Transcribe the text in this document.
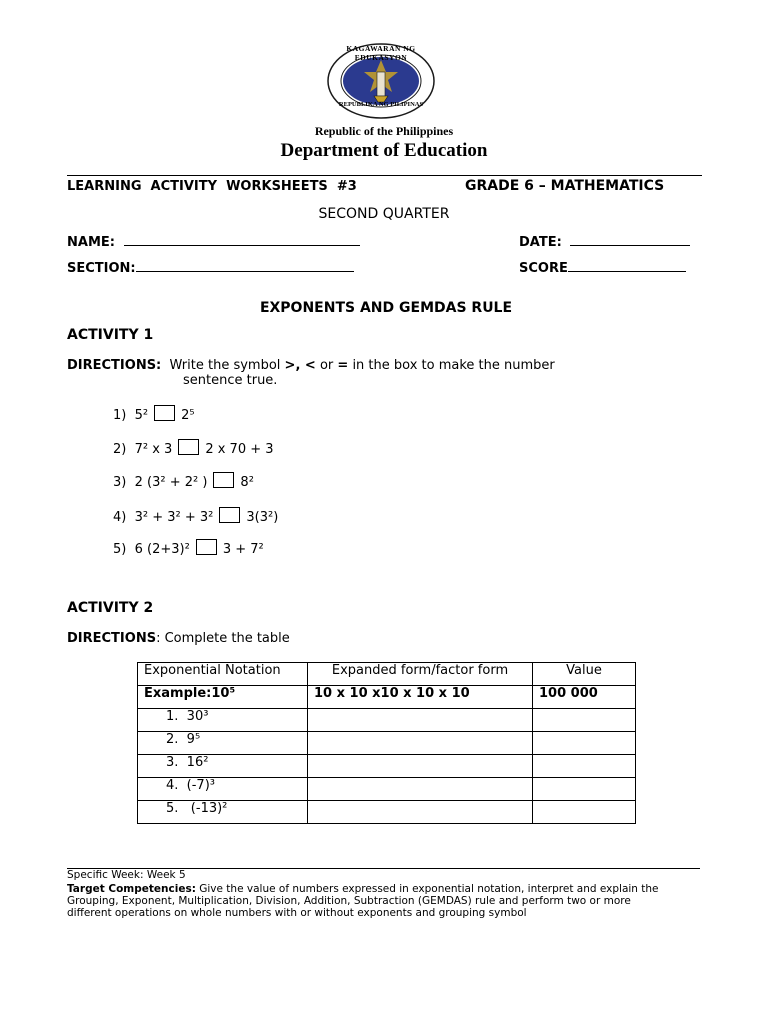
KAGAWARAN NG EDUKASYON
REPUBLIKA NG PILIPINAS
Republic of the Philippines
Department of Education
LEARNING  ACTIVITY  WORKSHEETS  #3	GRADE 6 – MATHEMATICS
SECOND QUARTER
NAME:	DATE:
SECTION:	SCORE
EXPONENTS AND GEMDAS RULE
ACTIVITY 1
DIRECTIONS: Write the symbol >, < or = in the box to make the number
sentence true.
1) 5²	2⁵
2) 7² x 3	2 x 70 + 3
3) 2 (3² + 2² )	8²
4) 3² + 3² + 3²	3(3²)
5) 6 (2+3)²	3 + 7²
ACTIVITY 2
DIRECTIONS: Complete the table
Exponential Notation	Expanded form/factor form	Value
Example:10⁵	10 x 10 x10 x 10 x 10	100 000
1. 30³		
2. 9⁵		
3. 16²		
4. (-7)³		
5.   (-13)²		
Specific Week: Week 5
Target Competencies: Give the value of numbers expressed in exponential notation, interpret and explain the
Grouping, Exponent, Multiplication, Division, Addition, Subtraction (GEMDAS) rule and perform two or more
different operations on whole numbers with or without exponents and grouping symbol
